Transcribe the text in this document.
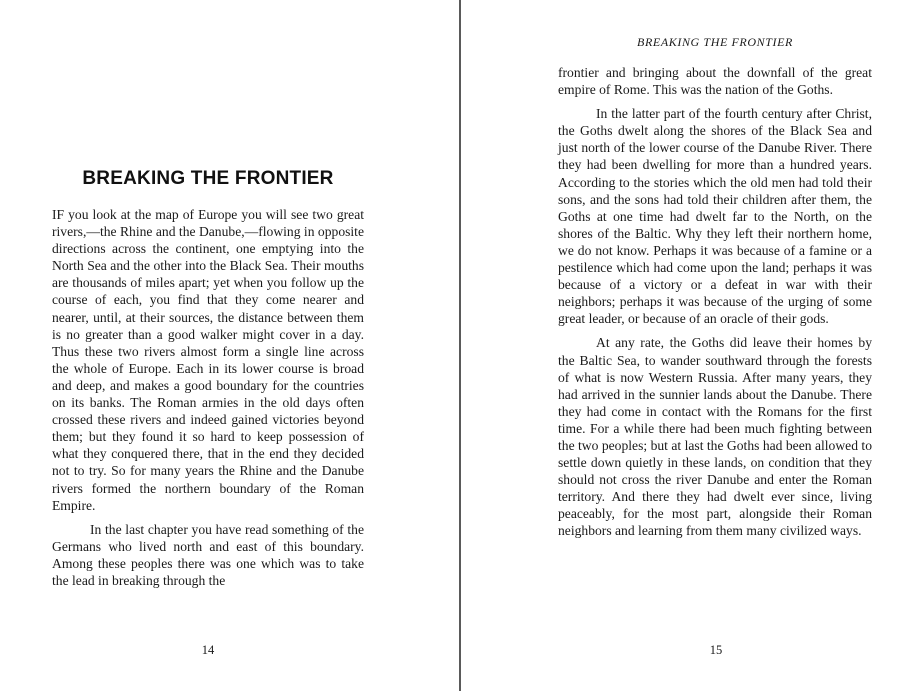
BREAKING THE FRONTIER

IF you look at the map of Europe you will see two great rivers,—the Rhine and the Danube,—flowing in opposite directions across the continent, one emptying into the North Sea and the other into the Black Sea. Their mouths are thousands of miles apart; yet when you follow up the course of each, you find that they come nearer and nearer, until, at their sources, the distance between them is no greater than a good walker might cover in a day. Thus these two rivers almost form a single line across the whole of Europe. Each in its lower course is broad and deep, and makes a good boundary for the countries on its banks. The Roman armies in the old days often crossed these rivers and indeed gained victories beyond them; but they found it so hard to keep possession of what they conquered there, that in the end they decided not to try. So for many years the Rhine and the Danube rivers formed the northern boundary of the Roman Empire.

In the last chapter you have read something of the Germans who lived north and east of this boundary. Among these peoples there was one which was to take the lead in breaking through the

14
BREAKING THE FRONTIER

frontier and bringing about the downfall of the great empire of Rome. This was the nation of the Goths.

In the latter part of the fourth century after Christ, the Goths dwelt along the shores of the Black Sea and just north of the lower course of the Danube River. There they had been dwelling for more than a hundred years. According to the stories which the old men had told their sons, and the sons had told their children after them, the Goths at one time had dwelt far to the North, on the shores of the Baltic. Why they left their northern home, we do not know. Perhaps it was because of a famine or a pestilence which had come upon the land; perhaps it was because of a victory or a defeat in war with their neighbors; perhaps it was because of the urging of some great leader, or because of an oracle of their gods.

At any rate, the Goths did leave their homes by the Baltic Sea, to wander southward through the forests of what is now Western Russia. After many years, they had arrived in the sunnier lands about the Danube. There they had come in contact with the Romans for the first time. For a while there had been much fighting between the two peoples; but at last the Goths had been allowed to settle down quietly in these lands, on condition that they should not cross the river Danube and enter the Roman territory. And there they had dwelt ever since, living peaceably, for the most part, alongside their Roman neighbors and learning from them many civilized ways.

15
